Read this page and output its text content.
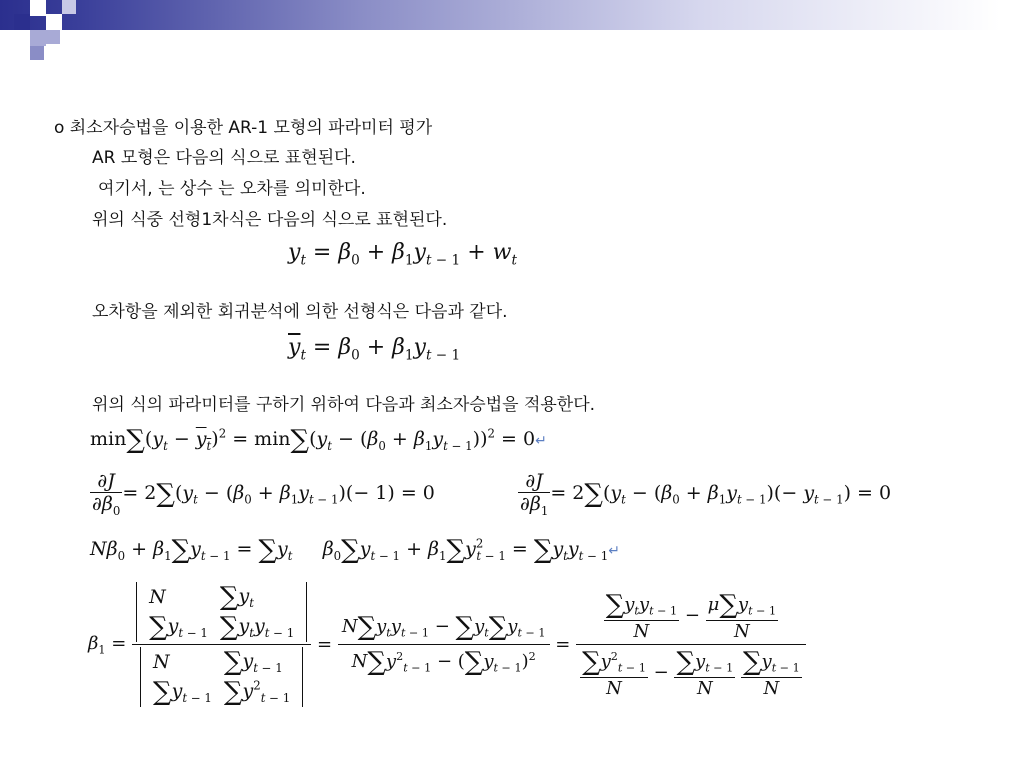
o 최소자승법을 이용한 AR-1 모형의 파라미터 평가
AR 모형은 다음의 식으로 표현된다.
여기서, 는 상수 는 오차를 의미한다.
위의 식중 선형1차식은 다음의 식으로 표현된다.
$y_t = \beta_0 + \beta_1y_{t - 1} + w_t$
오차항을 제외한 회귀분석에 의한 선형식은 다음과 같다.
$\overline{y}_t = \beta_0 + \beta_1y_{t - 1}$
위의 식의 파라미터를 구하기 위하여 다음과 최소자승법을 적용한다.
$\min\sum(y_t - y_t)^2 = \min\sum(y_t - (\beta_0 + \beta_1y_{t - 1}))^2$ = 0↵
$\frac{\partial J}{\partial\beta_0} = 2\sum(y_t - (\beta_0 + \beta_1y_{t - 1})(- 1) = 0$	$\frac{\partial J}{\partial\beta_1} = 2\sum(y_t - (\beta_0 + \beta_1y_{t - 1})(- y_{t - 1}) = 0$
$N\beta_0 + \beta_1\sum y_{t - 1} = \sum y_t$ $\beta_0\sum y_{t - 1} + \beta_1\sum y^2_{t - 1}$ = $\sum y_ty_{t - 1}↵$
$\beta_1$ =
N	$\sum y_t$
$\sum y_{t - 1}$	$\sum y_ty_{t - 1}$
N	$\sum y_{t - 1}$
$\sum y_{t - 1}$	$\sum y^2_{t - 1}$
=
$N\sum y_ty_{t - 1} - \sum y_t\sum y_{t - 1}$
$N\sum y^2_{t - 1} - (\sum y_{t - 1})^2$
=
$\frac{\sum y_ty_{t - 1}}{N} - \frac{\mu\sum y_{t - 1}}{N}$
$\frac{\sum y^2_{t - 1}}{N} - \frac{\sum y_{t - 1}}{N}$
$\frac{\sum y_{t - 1}}{N}$
